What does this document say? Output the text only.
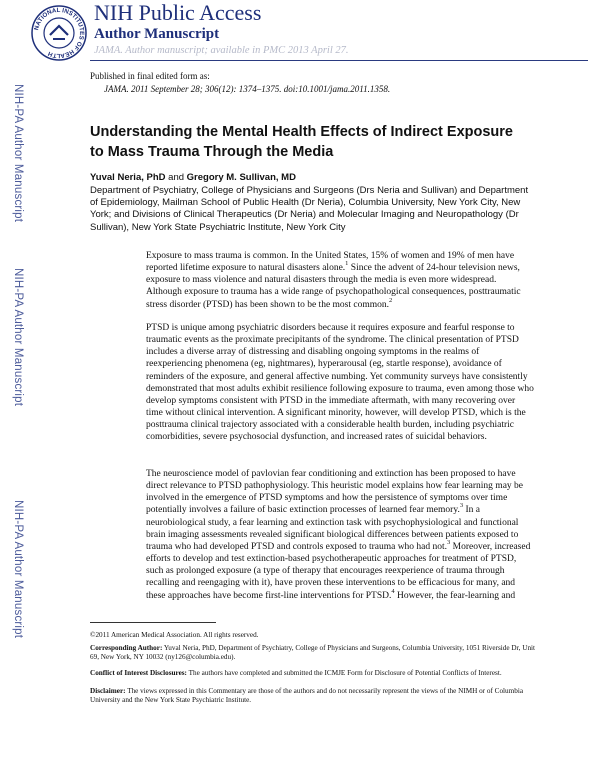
NATIONAL INSTITUTES OF HEALTH
NIH Public Access
Author Manuscript
JAMA. Author manuscript; available in PMC 2013 April 27.
Published in final edited form as:
JAMA. 2011 September 28; 306(12): 1374–1375. doi:10.1001/jama.2011.1358.
NIH-PA Author Manuscript
NIH-PA Author Manuscript
NIH-PA Author Manuscript
Understanding the Mental Health Effects of Indirect Exposure to Mass Trauma Through the Media
Yuval Neria, PhD and Gregory M. Sullivan, MD
Department of Psychiatry, College of Physicians and Surgeons (Drs Neria and Sullivan) and Department of Epidemiology, Mailman School of Public Health (Dr Neria), Columbia University, New York City, New York; and Divisions of Clinical Therapeutics (Dr Neria) and Molecular Imaging and Neuropathology (Dr Sullivan), New York State Psychiatric Institute, New York City
Exposure to mass trauma is common. In the United States, 15% of women and 19% of men have reported lifetime exposure to natural disasters alone.$^1$ Since the advent of 24-hour television news, exposure to mass violence and natural disasters through the media is even more widespread. Although exposure to trauma has a wide range of psychopathological consequences, posttraumatic stress disorder (PTSD) has been shown to be the most common.$^2$
PTSD is unique among psychiatric disorders because it requires exposure and fearful response to traumatic events as the proximate precipitants of the syndrome. The clinical presentation of PTSD includes a diverse array of distressing and disabling ongoing symptoms in the realms of reexperiencing phenomena (eg, nightmares), hyperarousal (eg, startle response), avoidance of reminders of the exposure, and general affective numbing. Yet community surveys have consistently demonstrated that most adults exhibit resilience following exposure to trauma, even among those who develop symptoms consistent with PTSD in the immediate aftermath, with many recovering over time without clinical intervention. A significant minority, however, will develop PTSD, which is the posttrauma clinical trajectory associated with a considerable health burden, including psychiatric comorbidities, severe psychosocial dysfunction, and increased rates of suicidal behaviors.
The neuroscience model of pavlovian fear conditioning and extinction has been proposed to have direct relevance to PTSD pathophysiology. This heuristic model explains how fear learning may be involved in the emergence of PTSD symptoms and how the persistence of symptoms over time potentially involves a failure of basic extinction processes of learned fear memory.$^3$ In a neurobiological study, a fear learning and extinction task with psychophysiological and functional brain imaging assessments revealed significant biological differences between patients exposed to trauma who had developed PTSD and controls exposed to trauma who had not.$^3$ Moreover, increased efforts to develop and test extinction-based psychotherapeutic approaches for treatment of PTSD, such as prolonged exposure (a type of therapy that encourages reexperience of trauma through recalling and reengaging with it), have proven these interventions to be efficacious for many, and these approaches have become first-line interventions for PTSD.$^4$ However, the fear-learning and
©2011 American Medical Association. All rights reserved.
Corresponding Author: Yuval Neria, PhD, Department of Psychiatry, College of Physicians and Surgeons, Columbia University, 1051 Riverside Dr, Unit 69, New York, NY 10032 (ny126@columbia.edu).
Conflict of Interest Disclosures: The authors have completed and submitted the ICMJE Form for Disclosure of Potential Conflicts of Interest.
Disclaimer: The views expressed in this Commentary are those of the authors and do not necessarily represent the views of the NIMH or of Columbia University and the New York State Psychiatric Institute.
